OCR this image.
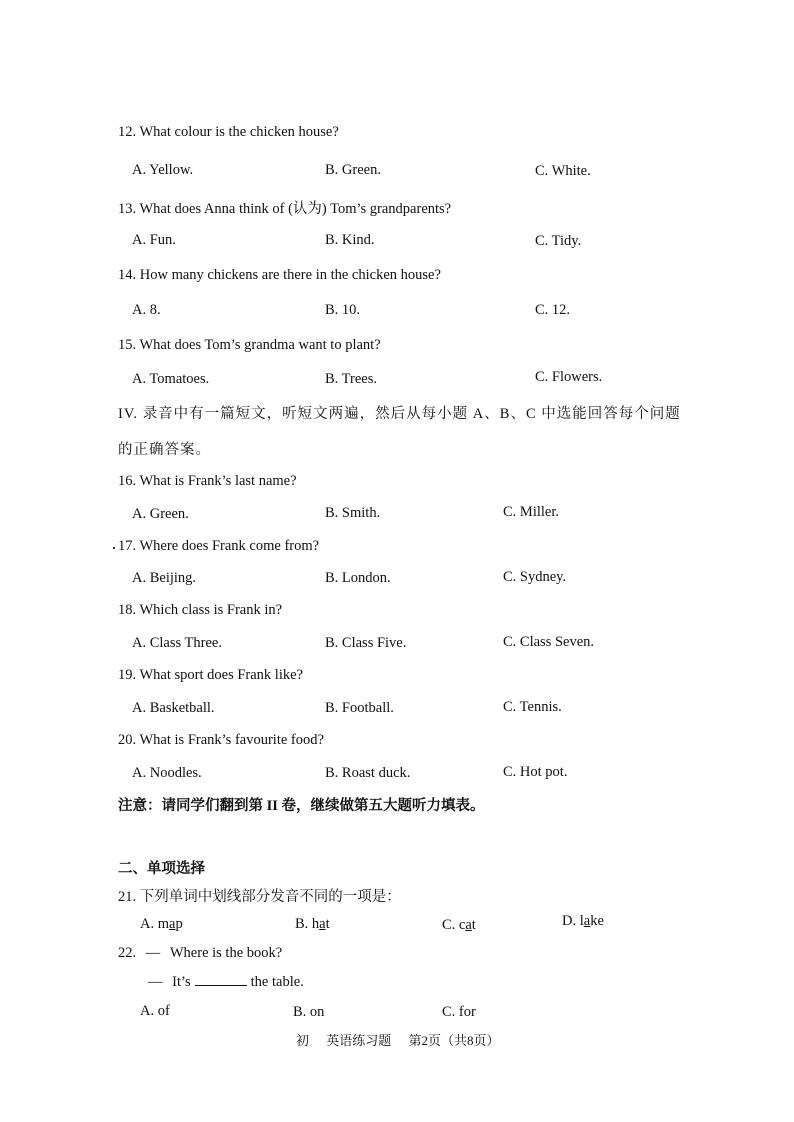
12. What colour is the chicken house?
A. Yellow.	B. Green.	C. White.
13. What does Anna think of (认为) Tom’s grandparents?
A. Fun.	B. Kind.	C. Tidy.
14. How many chickens are there in the chicken house?
A. 8.	B. 10.	C. 12.
15. What does Tom’s grandma want to plant?
A. Tomatoes.	B. Trees.	C. Flowers.
IV. 录音中有一篇短文，听短文两遍，然后从每小题 A、B、C 中选能回答每个问题的正确答案。
16. What is Frank’s last name?
A. Green.	B. Smith.	C. Miller.
17. Where does Frank come from?
A. Beijing.	B. London.	C. Sydney.
18. Which class is Frank in?
A. Class Three.	B. Class Five.	C. Class Seven.
19. What sport does Frank like?
A. Basketball.	B. Football.	C. Tennis.
20. What is Frank’s favourite food?
A. Noodles.	B. Roast duck.	C. Hot pot.
注意：请同学们翻到第 II 卷，继续做第五大题听力填表。
二、单项选择
21. 下列单词中划线部分发音不同的一项是：
A. map	B. hat	C. cat	D. lake
22. — Where is the book?
— It’s	the table.
A. of	B. on	C. for
初 英语练习题 第2页（共8页）
